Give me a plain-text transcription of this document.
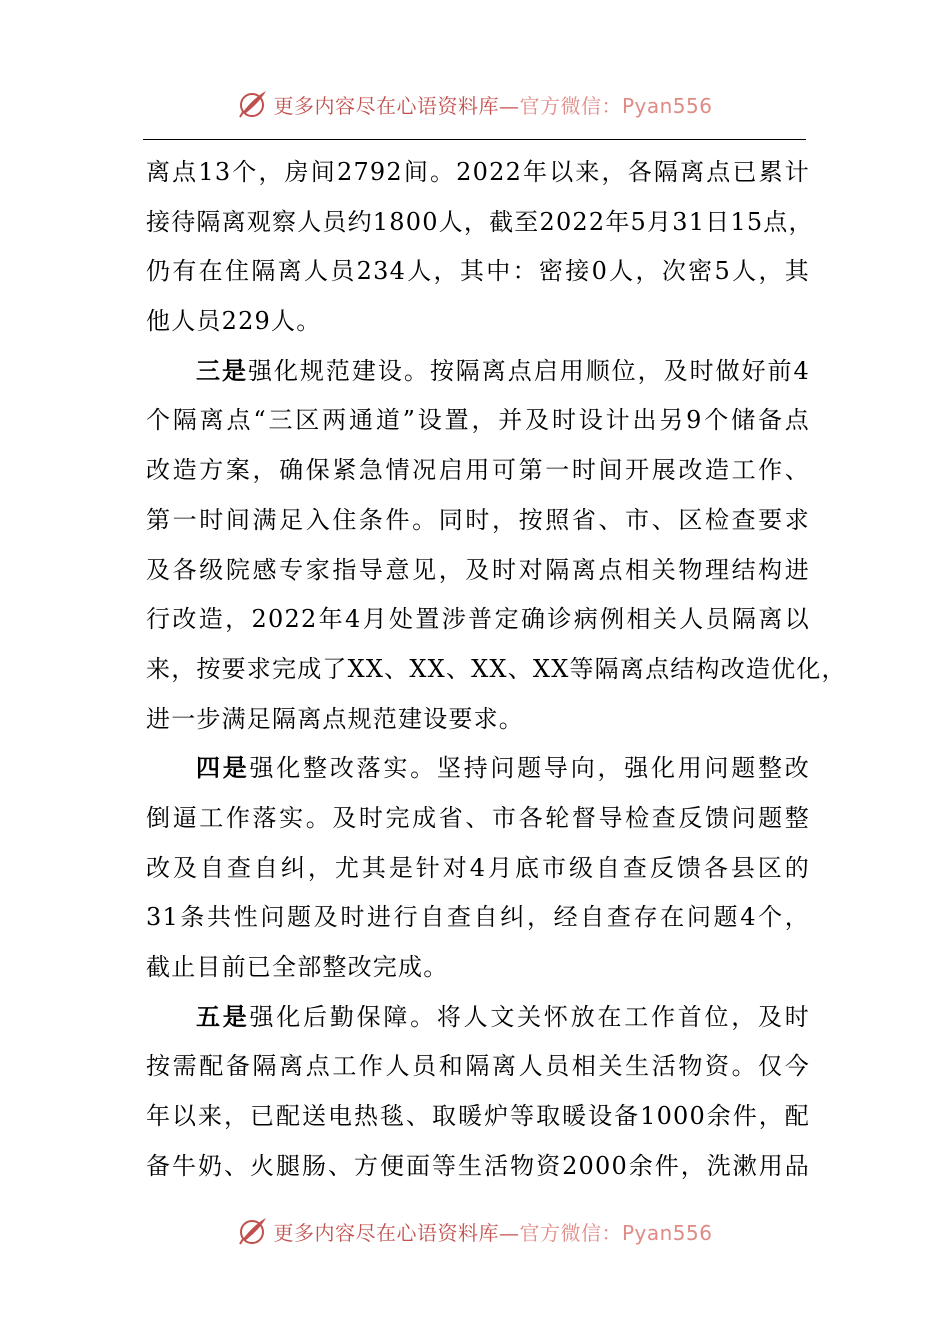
更多内容尽在心语资料库—官方微信：Pyan556
离点13个，房间2792间。2022年以来，各隔离点已累计
接待隔离观察人员约1800人，截至2022年5月31日15点，
仍有在住隔离人员234人，其中：密接0人，次密5人，其
他人员229人。
三是强化规范建设。按隔离点启用顺位，及时做好前4
个隔离点“三区两通道”设置，并及时设计出另9个储备点
改造方案，确保紧急情况启用可第一时间开展改造工作、
第一时间满足入住条件。同时，按照省、市、区检查要求
及各级院感专家指导意见，及时对隔离点相关物理结构进
行改造，2022年4月处置涉普定确诊病例相关人员隔离以
来，按要求完成了XX、XX、XX、XX等隔离点结构改造优化，
进一步满足隔离点规范建设要求。
四是强化整改落实。坚持问题导向，强化用问题整改
倒逼工作落实。及时完成省、市各轮督导检查反馈问题整
改及自查自纠，尤其是针对4月底市级自查反馈各县区的
31条共性问题及时进行自查自纠，经自查存在问题4个，
截止目前已全部整改完成。
五是强化后勤保障。将人文关怀放在工作首位，及时
按需配备隔离点工作人员和隔离人员相关生活物资。仅今
年以来，已配送电热毯、取暖炉等取暖设备1000余件，配
备牛奶、火腿肠、方便面等生活物资2000余件，洗漱用品
更多内容尽在心语资料库—官方微信：Pyan556
